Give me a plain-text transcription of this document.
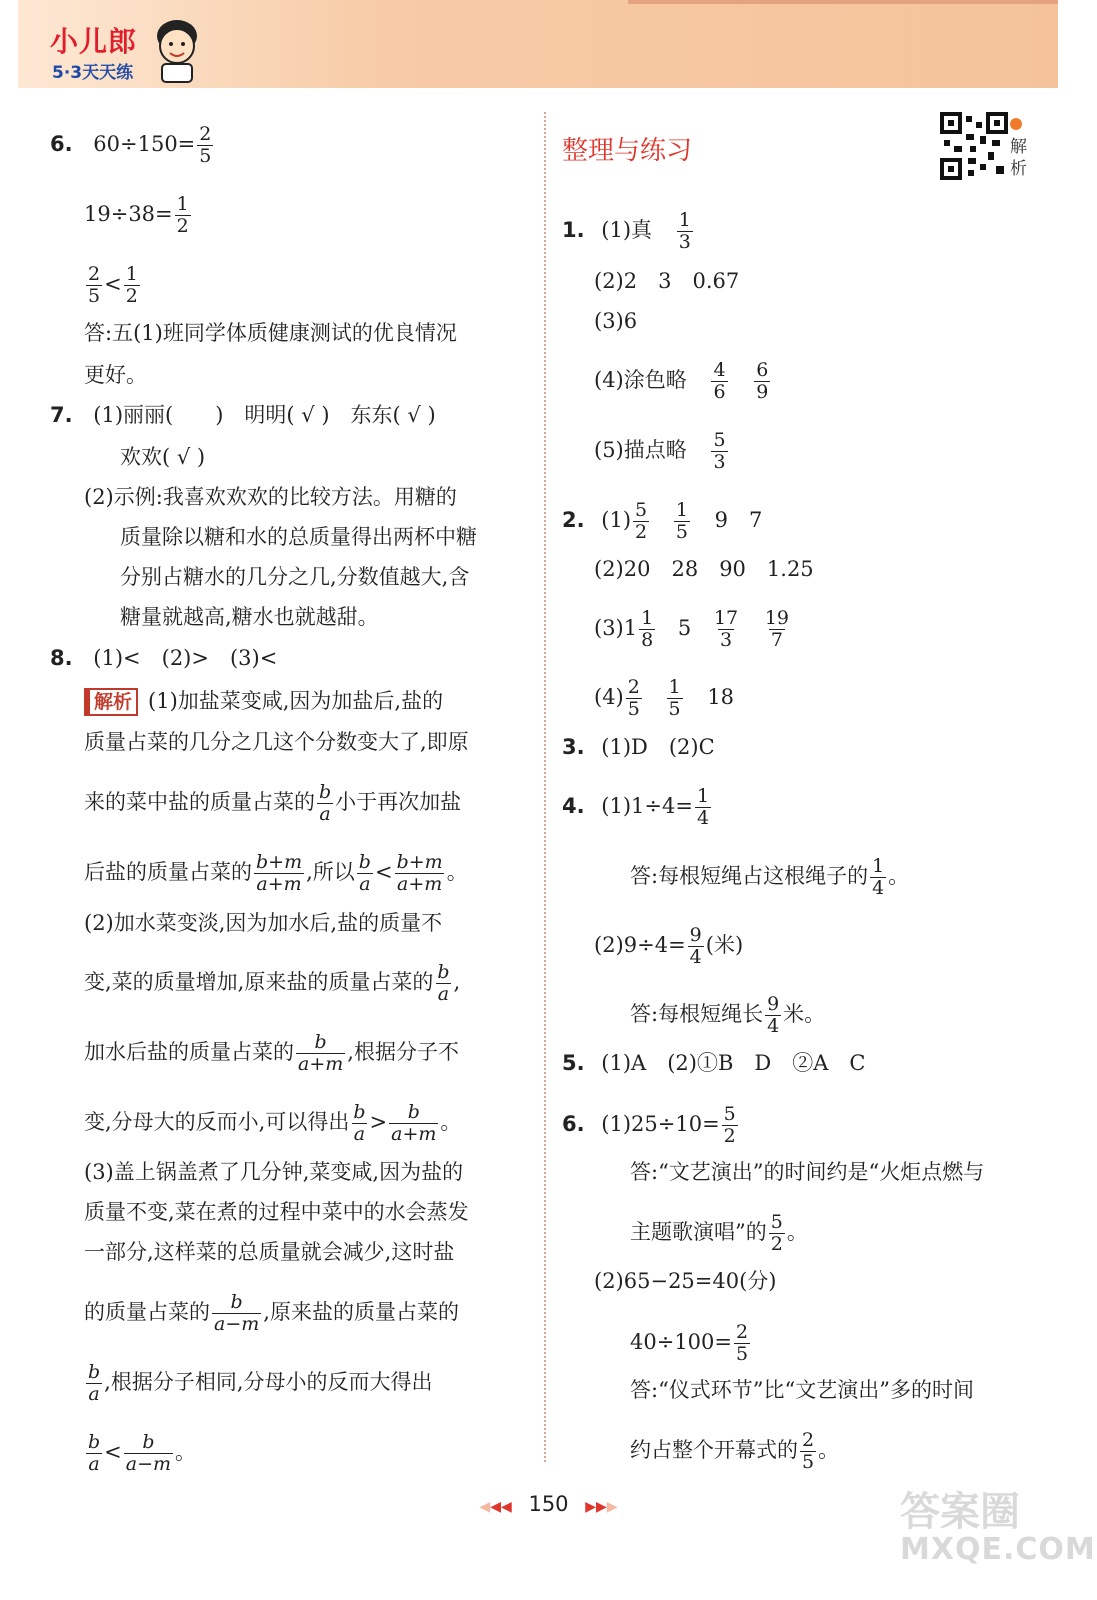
小儿郎
5·3天天练
6. $60\div 150= \frac{2}{5}$
$19\div 38= \frac{1}{2}$
$\frac{2}{5} < \frac{1}{2}$
答:五(1)班同学体质健康测试的优良情况
更好。
7. (1)丽丽(　　)　明明( √ )　东东( √ )
欢欢( √ )
(2)示例:我喜欢欢欢的比较方法。用糖的
质量除以糖和水的总质量得出两杯中糖
分别占糖水的几分之几,分数值越大,含
糖量就越高,糖水也就越甜。
8. (1)<　(2)>　(3)<
解析 (1)加盐菜变咸,因为加盐后,盐的
质量占菜的几分之几这个分数变大了,即原
来的菜中盐的质量占菜的 $\frac{b}{a}$ 小于再次加盐
后盐的质量占菜的 $\frac{b+m}{a+m}$ ,所以 $\frac{b}{a} < \frac{b+m}{a+m}$ 。
(2)加水菜变淡,因为加水后,盐的质量不
变,菜的质量增加,原来盐的质量占菜的 $\frac{b}{a}$ ,
加水后盐的质量占菜的 $\frac{b}{a+m}$ ,根据分子不
变,分母大的反而小,可以得出 $\frac{b}{a} > \frac{b}{a+m}$ 。
(3)盖上锅盖煮了几分钟,菜变咸,因为盐的
质量不变,菜在煮的过程中菜中的水会蒸发
一部分,这样菜的总质量就会减少,这时盐
的质量占菜的 $\frac{b}{a-m}$ ,原来盐的质量占菜的
$\frac{b}{a}$ ,根据分子相同,分母小的反而大得出
$\frac{b}{a} < \frac{b}{a-m}$ 。
整理与练习	解析
1. (1)真 $\frac{1}{3}$
(2)2　3　0.67
(3)6
(4)涂色略 $\frac{4}{6}$
$\frac{6}{9}$
(5)描点略 $\frac{5}{3}$
2. $(1) \frac{5}{2}$
$\frac{1}{5} 9$　7
(2)20　28　90　1.25
$(3)1 \frac{1}{8} 5 \frac{17}{3}$
$\frac{19}{7}$
$(4) \frac{2}{5}$
$\frac{1}{5} 18$
3. (1)D　(2)C
4. $(1)1\div 4= \frac{1}{4}$
答:每根短绳占这根绳子的 $\frac{1}{4}$ 。
$(2)9\div 4= \frac{9}{4}$ (米)
答:每根短绳长 $\frac{9}{4}$ 米。
5. (1)A　(2)①B　D　②A　C
6. $(1)25\div 10= \frac{5}{2}$
答:“文艺演出”的时间约是“火炬点燃与
主题歌演唱”的 $\frac{5}{2}$ 。
(2)65−25=40(分)
$40\div 100= \frac{2}{5}$
答:“仪式环节”比“文艺演出”多的时间
约占整个开幕式的 $\frac{2}{5}$ 。
◀◀◀ 150 ▶▶▶	答案圈
MXQE.COM
